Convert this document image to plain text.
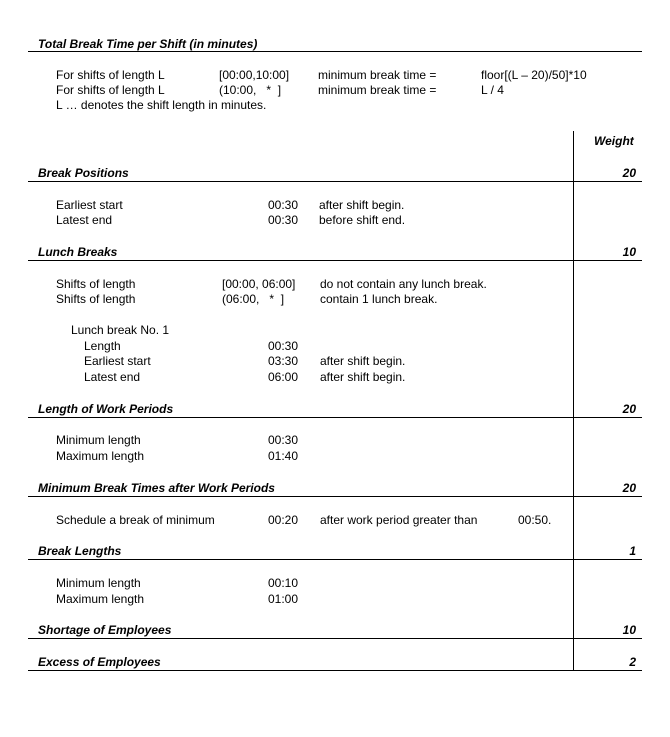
Total Break Time per Shift (in minutes)
For shifts of length L	[00:00,10:00] minimum break time =	floor[(L – 20)/50]*10
For shifts of length L	(10:00,   *  ]	minimum break time =	L / 4
L … denotes the shift length in minutes.
Weight
Break Positions	20
Earliest start	00:30 after shift begin.
Latest end	00:30 before shift end.
Lunch Breaks	10
Shifts of length	[00:00, 06:00] do not contain any lunch break.
Shifts of length	(06:00,   *  ]	contain 1 lunch break.
Lunch break No. 1
Length	00:30
Earliest start	03:30 after shift begin.
Latest end	06:00 after shift begin.
Length of Work Periods	20
Minimum length	00:30
Maximum length	01:40
Minimum Break Times after Work Periods	20
Schedule a break of minimum	00:20 after work period greater than	00:50.
Break Lengths	1
Minimum length	00:10
Maximum length	01:00
Shortage of Employees	10
Excess of Employees	2
